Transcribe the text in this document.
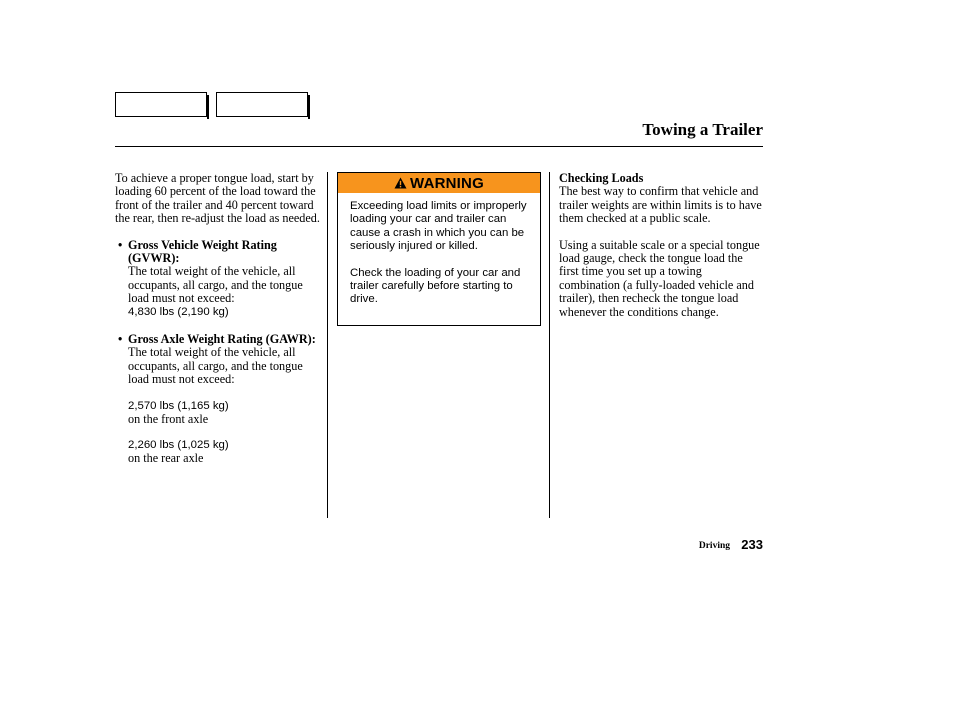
Towing a Trailer

To achieve a proper tongue load, start by loading 60 percent of the load toward the front of the trailer and 40 percent toward the rear, then re-adjust the load as needed.

• Gross Vehicle Weight Rating (GVWR):

The total weight of the vehicle, all occupants, all cargo, and the tongue load must not exceed:

4,830 lbs (2,190 kg)

• Gross Axle Weight Rating (GAWR):

The total weight of the vehicle, all occupants, all cargo, and the tongue load must not exceed:

2,570 lbs (1,165 kg)

on the front axle

2,260 lbs (1,025 kg)

on the rear axle

WARNING

Exceeding load limits or improperly loading your car and trailer can cause a crash in which you can be seriously injured or killed.

Check the loading of your car and trailer carefully before starting to drive.

Checking Loads

The best way to confirm that vehicle and trailer weights are within limits is to have them checked at a public scale.

Using a suitable scale or a special tongue load gauge, check the tongue load the first time you set up a towing combination (a fully-loaded vehicle and trailer), then recheck the tongue load whenever the conditions change.

Driving 233
